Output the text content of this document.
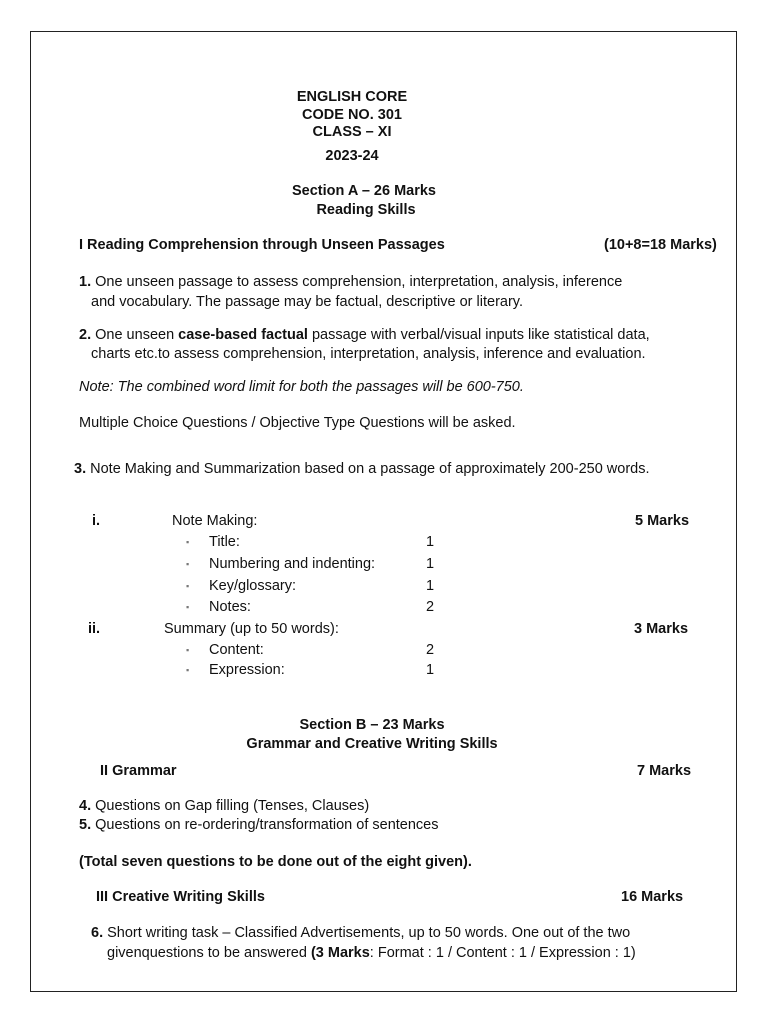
ENGLISH CORE
CODE NO. 301
CLASS – XI
2023-24
Section A – 26 Marks
Reading Skills
I Reading Comprehension through Unseen Passages	(10+8=18 Marks)
1. One unseen passage to assess comprehension, interpretation, analysis, inference
and vocabulary. The passage may be factual, descriptive or literary.
2. One unseen case-based factual passage with verbal/visual inputs like statistical data,
charts etc.to assess comprehension, interpretation, analysis, inference and evaluation.
Note: The combined word limit for both the passages will be 600-750.
Multiple Choice Questions / Objective Type Questions will be asked.
3. Note Making and Summarization based on a passage of approximately 200-250 words.
i.	Note Making:	5 Marks
▪ Title:	1
▪ Numbering and indenting:	1
▪ Key/glossary:	1
▪ Notes:	2
ii.	Summary (up to 50 words):	3 Marks
▪ Content:	2
▪ Expression:	1
Section B – 23 Marks
Grammar and Creative Writing Skills
II Grammar	7 Marks
4. Questions on Gap filling (Tenses, Clauses)
5. Questions on re-ordering/transformation of sentences
(Total seven questions to be done out of the eight given).
III Creative Writing Skills	16 Marks
6. Short writing task – Classified Advertisements, up to 50 words. One out of the two
givenquestions to be answered (3 Marks: Format : 1 / Content : 1 / Expression : 1)
